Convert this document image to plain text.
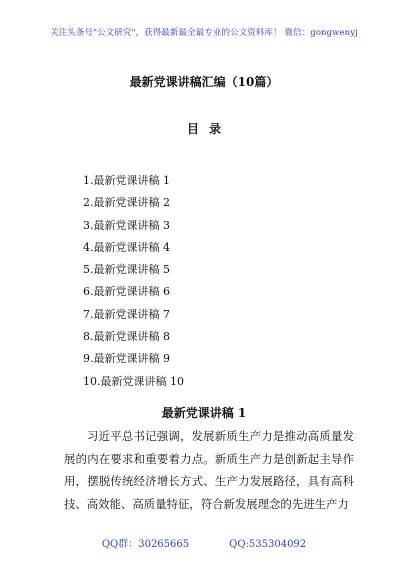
关注头条号"公文研究"，获得最新最全最专业的公文资料库！ 微信：gongwenyj
最新党课讲稿汇编（10篇）
目录
1. 最新党课讲稿 1
2. 最新党课讲稿 2
3. 最新党课讲稿 3
4. 最新党课讲稿 4
5. 最新党课讲稿 5
6. 最新党课讲稿 6
7. 最新党课讲稿 7
8. 最新党课讲稿 8
9. 最新党课讲稿 9
10. 最新党课讲稿 10
最新党课讲稿 1

习近平总书记强调，发展新质生产力是推动高质量发展的内在要求和重要着力点。新质生产力是创新起主导作用，摆脱传统经济增长方式、生产力发展路径，具有高科技、高效能、高质量特征，符合新发展理念的先进生产力

QQ群：30265665	QQ:535304092
